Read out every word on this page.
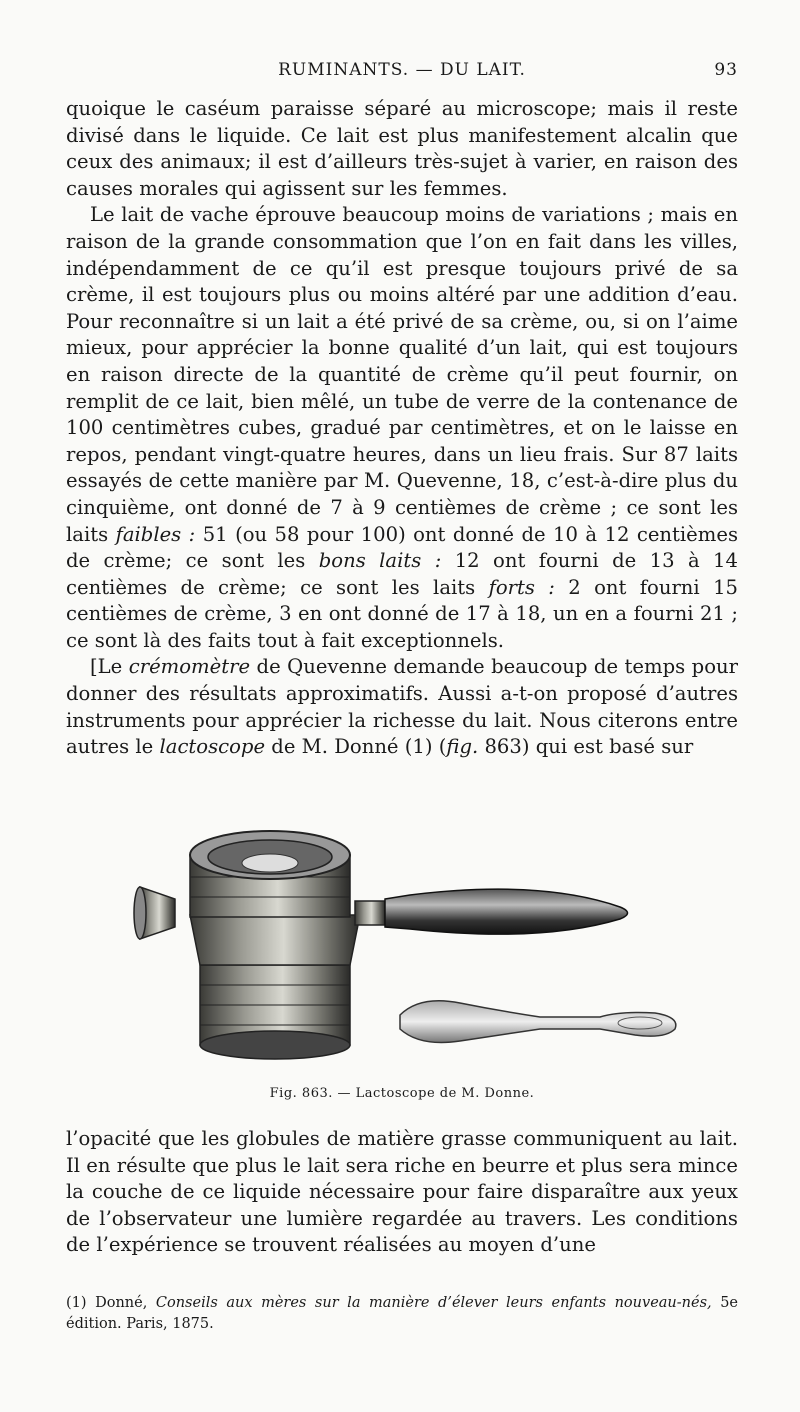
RUMINANTS. — DU LAIT.	93

quoique le caséum paraisse séparé au microscope; mais il reste divisé dans le liquide. Ce lait est plus manifestement alcalin que ceux des animaux; il est d’ailleurs très-sujet à varier, en raison des causes morales qui agissent sur les femmes.

Le lait de vache éprouve beaucoup moins de variations ; mais en raison de la grande consommation que l’on en fait dans les villes, indépendamment de ce qu’il est presque toujours privé de sa crème, il est toujours plus ou moins altéré par une addition d’eau. Pour reconnaître si un lait a été privé de sa crème, ou, si on l’aime mieux, pour apprécier la bonne qualité d’un lait, qui est toujours en raison directe de la quantité de crème qu’il peut fournir, on remplit de ce lait, bien mêlé, un tube de verre de la contenance de 100 centimètres cubes, gradué par centimètres, et on le laisse en repos, pendant vingt-quatre heures, dans un lieu frais. Sur 87 laits essayés de cette manière par M. Quevenne, 18, c’est-à-dire plus du cinquième, ont donné de 7 à 9 centièmes de crème ; ce sont les laits faibles : 51 (ou 58 pour 100) ont donné de 10 à 12 centièmes de crème; ce sont les bons laits : 12 ont fourni de 13 à 14 centièmes de crème; ce sont les laits forts : 2 ont fourni 15 centièmes de crème, 3 en ont donné de 17 à 18, un en a fourni 21 ; ce sont là des faits tout à fait exceptionnels.

[Le crémomètre de Quevenne demande beaucoup de temps pour donner des résultats approximatifs. Aussi a-t-on proposé d’autres instruments pour apprécier la richesse du lait. Nous citerons entre autres le lactoscope de M. Donné (1) (fig. 863) qui est basé sur

Fig. 863. — Lactoscope de M. Donne.

l’opacité que les globules de matière grasse communiquent au lait. Il en résulte que plus le lait sera riche en beurre et plus sera mince la couche de ce liquide nécessaire pour faire disparaître aux yeux de l’observateur une lumière regardée au travers. Les conditions de l’expérience se trouvent réalisées au moyen d’une

(1) Donné, Conseils aux mères sur la manière d’élever leurs enfants nouveau-nés, 5e édition. Paris, 1875.
